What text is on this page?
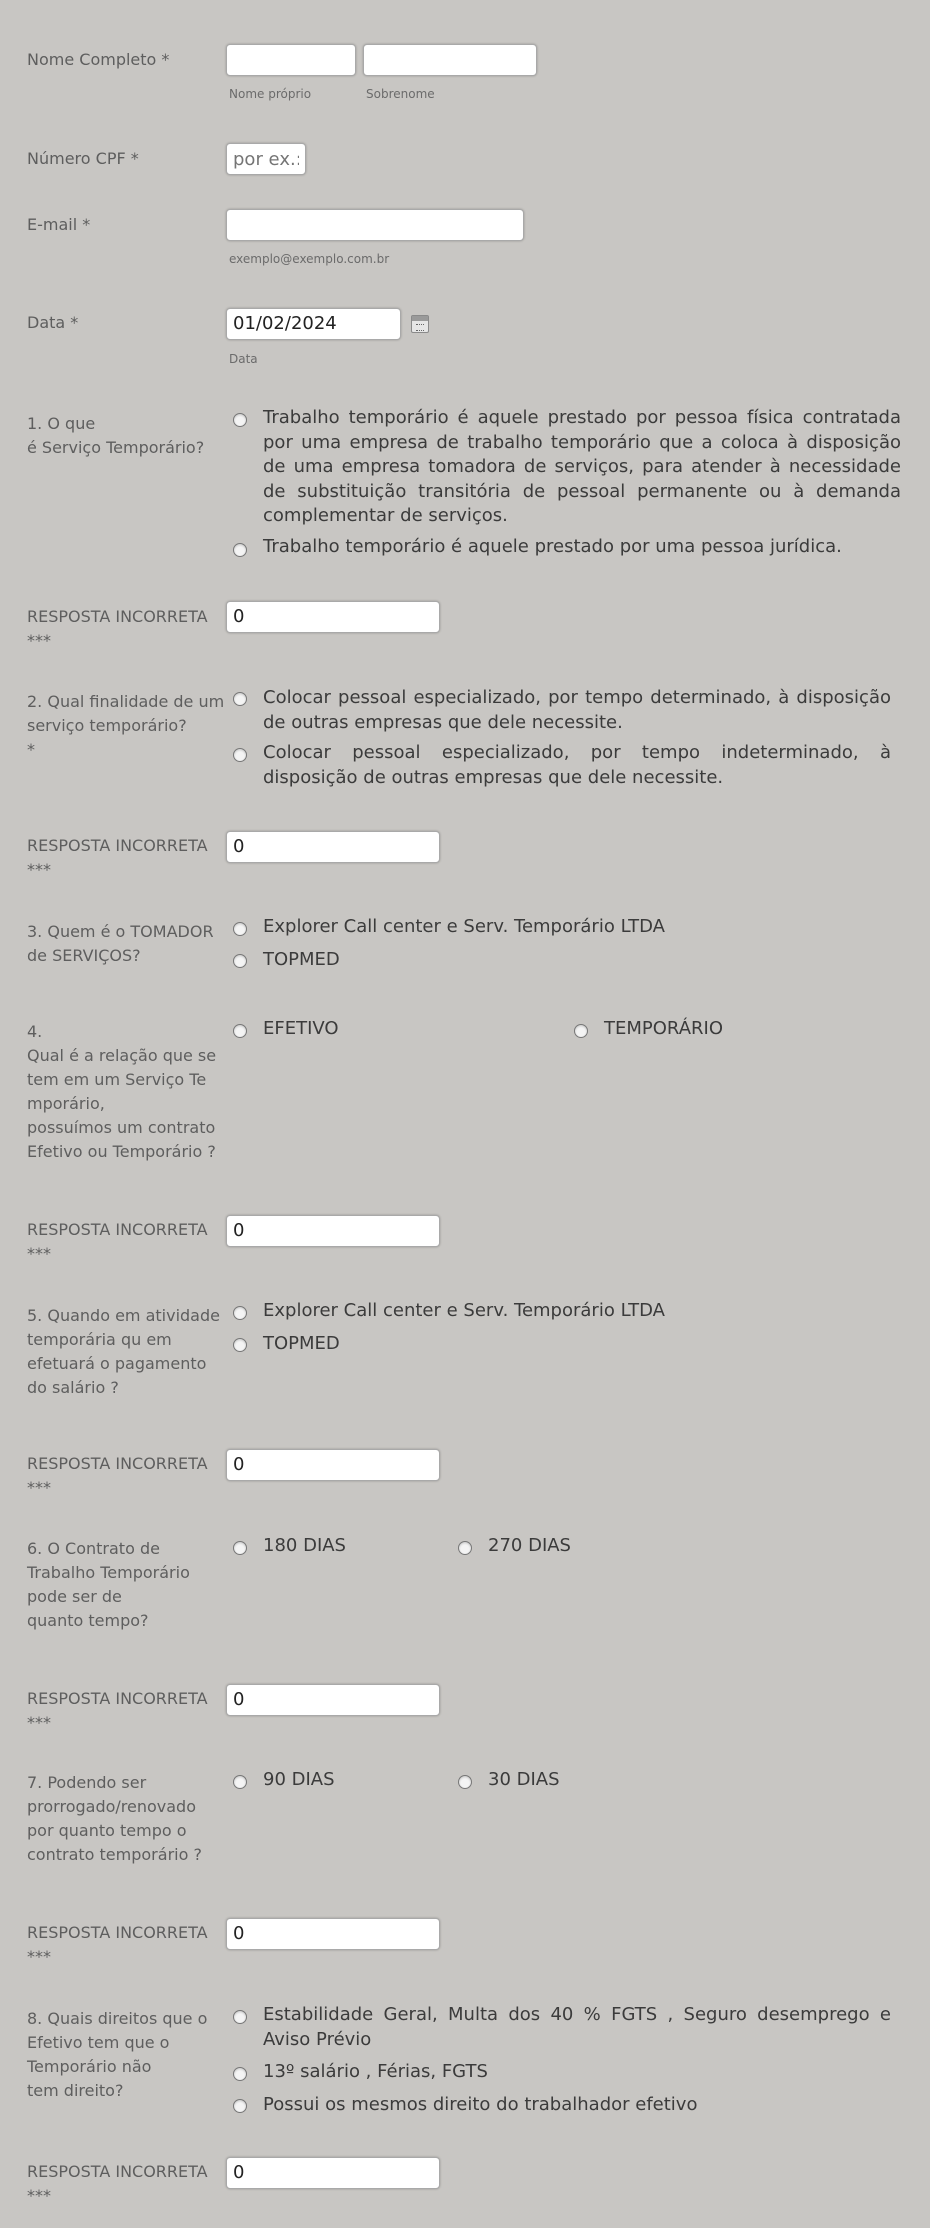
Nome Completo *
Nome próprio	Sobrenome
Número CPF *
por ex.: 23
E-mail *
exemplo@exemplo.com.br
Data *	01/02/2024
Data
1. O que
é Serviço Temporário?
Trabalho temporário é aquele prestado por pessoa física contratada por uma empresa de trabalho temporário que a coloca à disposição de uma empresa tomadora de serviços, para atender à necessidade de substituição transitória de pessoal permanente ou à demanda complementar de serviços.
Trabalho temporário é aquele prestado por uma pessoa jurídica.
RESPOSTA INCORRETA
***
0
2. Qual finalidade de um serviço temporário?
*
Colocar pessoal especializado, por tempo determinado, à disposição de outras empresas que dele necessite.
Colocar pessoal especializado, por tempo indeterminado, à disposição de outras empresas que dele necessite.
RESPOSTA INCORRETA
***
0
3. Quem é o TOMADOR de SERVIÇOS?
Explorer Call center e Serv. Temporário LTDA
TOPMED
4.
Qual é a relação que se tem em um Serviço Te mporário,
possuímos um contrato Efetivo ou Temporário ?
EFETIVO	TEMPORÁRIO
RESPOSTA INCORRETA
***
0
5. Quando em atividade temporária qu em efetuará o pagamento do salário ?
Explorer Call center e Serv. Temporário LTDA
TOPMED
RESPOSTA INCORRETA
***
0
6. O Contrato de Trabalho Temporário pode ser de
quanto tempo?
180 DIAS	270 DIAS
RESPOSTA INCORRETA
***
0
7. Podendo ser prorrogado/renovado por quanto tempo o contrato temporário ?
90 DIAS	30 DIAS
RESPOSTA INCORRETA
***
0
8. Quais direitos que o Efetivo tem que o Temporário não
tem direito?
Estabilidade Geral, Multa dos 40 % FGTS , Seguro desemprego e Aviso Prévio
13º salário , Férias, FGTS
Possui os mesmos direito do trabalhador efetivo
RESPOSTA INCORRETA
***
0
